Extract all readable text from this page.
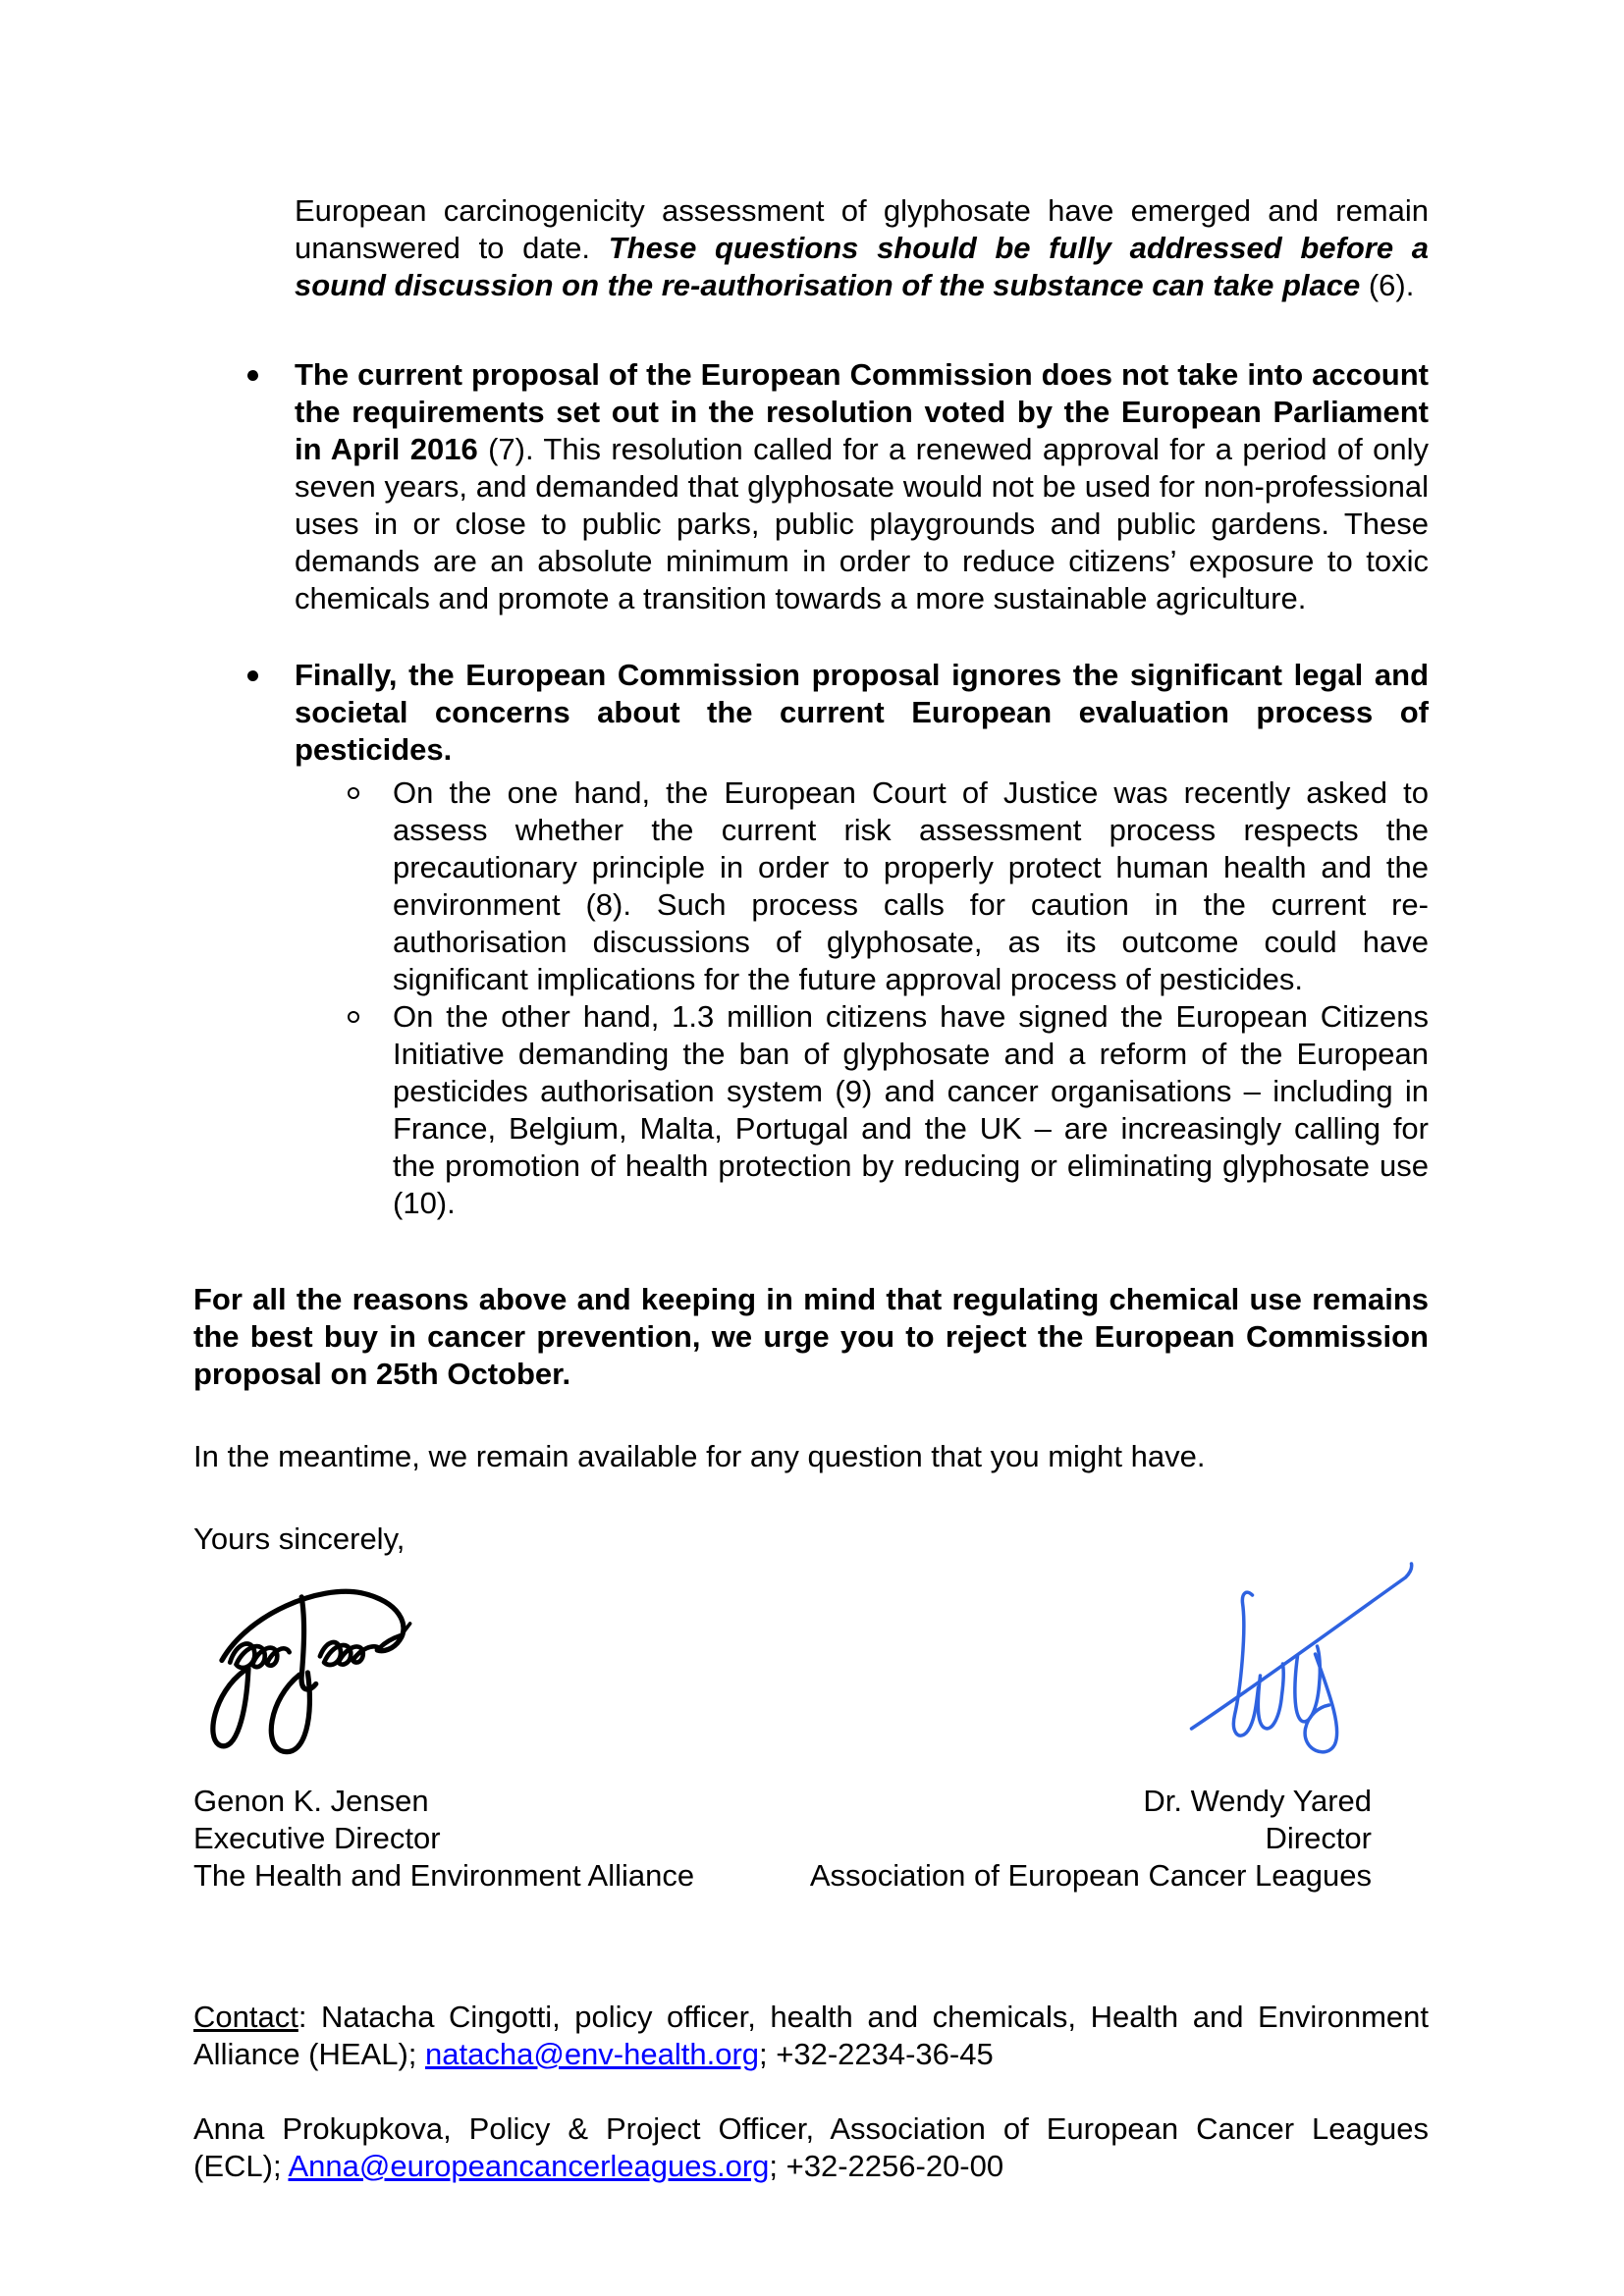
European carcinogenicity assessment of glyphosate have emerged and remain unanswered to date. These questions should be fully addressed before a sound discussion on the re-authorisation of the substance can take place (6).

The current proposal of the European Commission does not take into account the requirements set out in the resolution voted by the European Parliament in April 2016 (7). This resolution called for a renewed approval for a period of only seven years, and demanded that glyphosate would not be used for non-professional uses in or close to public parks, public playgrounds and public gardens. These demands are an absolute minimum in order to reduce citizens’ exposure to toxic chemicals and promote a transition towards a more sustainable agriculture.

Finally, the European Commission proposal ignores the significant legal and societal concerns about the current European evaluation process of pesticides.

On the one hand, the European Court of Justice was recently asked to assess whether the current risk assessment process respects the precautionary principle in order to properly protect human health and the environment (8). Such process calls for caution in the current re-authorisation discussions of glyphosate, as its outcome could have significant implications for the future approval process of pesticides.

On the other hand, 1.3 million citizens have signed the European Citizens Initiative demanding the ban of glyphosate and a reform of the European pesticides authorisation system (9) and cancer organisations – including in France, Belgium, Malta, Portugal and the UK – are increasingly calling for the promotion of health protection by reducing or eliminating glyphosate use (10).

For all the reasons above and keeping in mind that regulating chemical use remains the best buy in cancer prevention, we urge you to reject the European Commission proposal on 25th October.

In the meantime, we remain available for any question that you might have.

Yours sincerely,

Genon K. Jensen
Executive Director
The Health and Environment Alliance
Dr. Wendy Yared
Director
Association of European Cancer Leagues

Contact: Natacha Cingotti, policy officer, health and chemicals, Health and Environment Alliance (HEAL); natacha@env-health.org; +32-2234-36-45

Anna Prokupkova, Policy & Project Officer, Association of European Cancer Leagues (ECL); Anna@europeancancerleagues.org; +32-2256-20-00
